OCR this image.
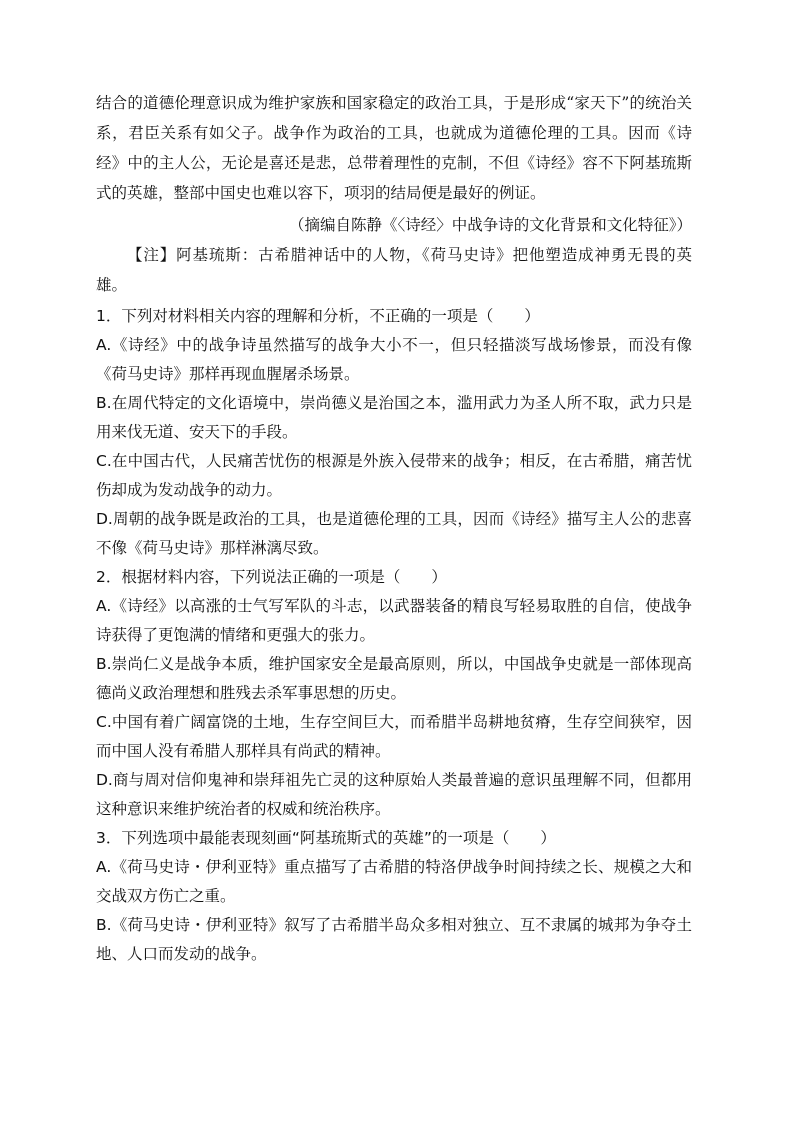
结合的道德伦理意识成为维护家族和国家稳定的政治工具，于是形成“家天下”的统治关系，君臣关系有如父子。战争作为政治的工具，也就成为道德伦理的工具。因而《诗经》中的主人公，无论是喜还是悲，总带着理性的克制，不但《诗经》容不下阿基琉斯式的英雄，整部中国史也难以容下，项羽的结局便是最好的例证。

（摘编自陈静《〈诗经〉中战争诗的文化背景和文化特征》）

【注】阿基琉斯：古希腊神话中的人物，《荷马史诗》把他塑造成神勇无畏的英雄。

1．下列对材料相关内容的理解和分析，不正确的一项是（　　）

A.《诗经》中的战争诗虽然描写的战争大小不一，但只轻描淡写战场惨景，而没有像《荷马史诗》那样再现血腥屠杀场景。

B.在周代特定的文化语境中，崇尚德义是治国之本，滥用武力为圣人所不取，武力只是用来伐无道、安天下的手段。

C.在中国古代，人民痛苦忧伤的根源是外族入侵带来的战争；相反，在古希腊，痛苦忧伤却成为发动战争的动力。

D.周朝的战争既是政治的工具，也是道德伦理的工具，因而《诗经》描写主人公的悲喜不像《荷马史诗》那样淋漓尽致。

2．根据材料内容，下列说法正确的一项是（　　）

A.《诗经》以高涨的士气写军队的斗志，以武器装备的精良写轻易取胜的自信，使战争诗获得了更饱满的情绪和更强大的张力。

B.崇尚仁义是战争本质，维护国家安全是最高原则，所以，中国战争史就是一部体现高德尚义政治理想和胜残去杀军事思想的历史。

C.中国有着广阔富饶的土地，生存空间巨大，而希腊半岛耕地贫瘠，生存空间狭窄，因而中国人没有希腊人那样具有尚武的精神。

D.商与周对信仰鬼神和崇拜祖先亡灵的这种原始人类最普遍的意识虽理解不同，但都用这种意识来维护统治者的权威和统治秩序。

3．下列选项中最能表现刻画“阿基琉斯式的英雄”的一项是（　　）

A.《荷马史诗・伊利亚特》重点描写了古希腊的特洛伊战争时间持续之长、规模之大和交战双方伤亡之重。

B.《荷马史诗・伊利亚特》叙写了古希腊半岛众多相对独立、互不隶属的城邦为争夺土地、人口而发动的战争。
